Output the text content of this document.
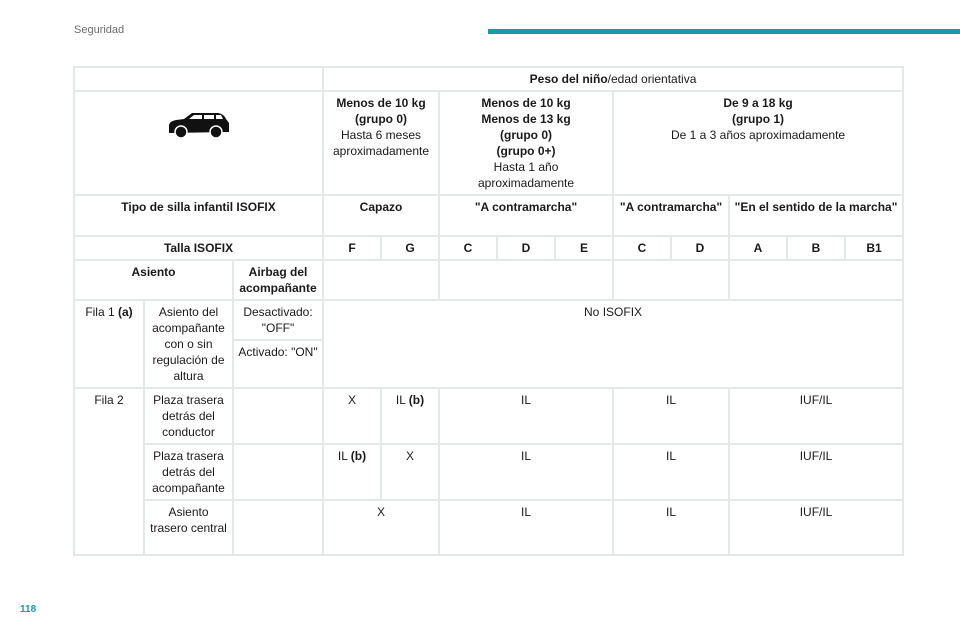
Seguridad
118
			Peso del niño/edad orientativa									
	Menos de 10 kg
(grupo 0)
Hasta 6 meses aproximadamente		Menos de 10 kg
Menos de 13 kg
(grupo 0)
(grupo 0+)
Hasta 1 año aproximadamente			De 9 a 18 kg
(grupo 1)
De 1 a 3 años aproximadamente				
Tipo de silla infantil ISOFIX			Capazo		"A contramarcha"			"A contramarcha"		"En el sentido de la marcha"		
Talla ISOFIX			F	G	C	D	E	C	D	A	B	B1
Asiento		Airbag del acompañante										
Fila 1 (a)	Asiento del acompañante con o sin regulación de altura	Desactivado: "OFF"	No ISOFIX									
		Activado: "ON"										
Fila 2	Plaza trasera detrás del conductor		X	IL (b)	IL			IL		IUF/IL		
	Plaza trasera detrás del acompañante		IL (b)	X	IL			IL		IUF/IL		
	Asiento trasero central		X		IL			IL		IUF/IL		
